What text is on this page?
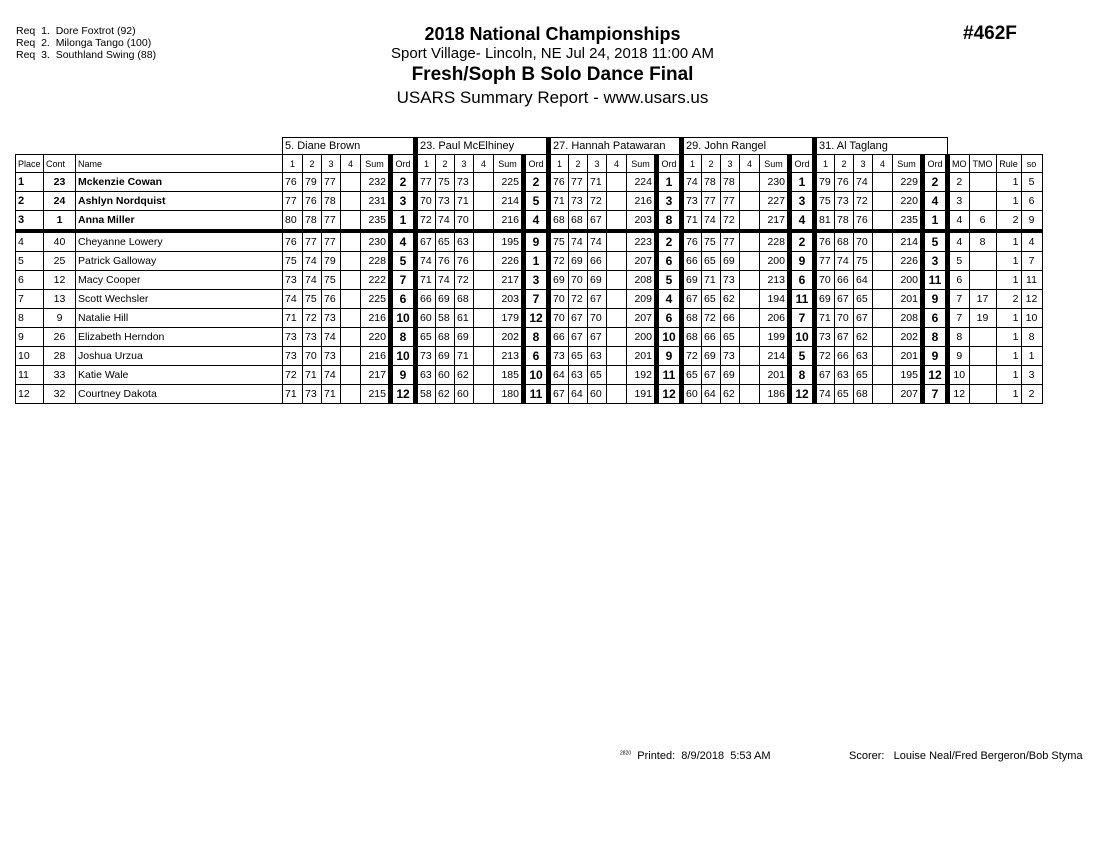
Req  1.  Dore Foxtrot (92)
Req  2.  Milonga Tango (100)
Req  3.  Southland Swing (88)
2018 National Championships
Sport Village- Lincoln, NE Jul 24, 2018 11:00 AM
Fresh/Soph B Solo Dance Final
USARS Summary Report - www.usars.us
#462F
			5. Diane Brown						23. Paul McElhiney						27. Hannah Patawaran						29. John Rangel						31. Al Taglang									
Place	Cont	Name	1	2	3	4	Sum	Ord	1	2	3	4	Sum	Ord	1	2	3	4	Sum	Ord	1	2	3	4	Sum	Ord	1	2	3	4	Sum	Ord	MO	TMO	Rule	so
1	23	Mckenzie Cowan	76	79	77		232	2	77	75	73		225	2	76	77	71		224	1	74	78	78		230	1	79	76	74		229	2	2		1	5
2	24	Ashlyn Nordquist	77	76	78		231	3	70	73	71		214	5	71	73	72		216	3	73	77	77		227	3	75	73	72		220	4	3		1	6
3	1	Anna Miller	80	78	77		235	1	72	74	70		216	4	68	68	67		203	8	71	74	72		217	4	81	78	76		235	1	4	6	2	9
4	40	Cheyanne Lowery	76	77	77		230	4	67	65	63		195	9	75	74	74		223	2	76	75	77		228	2	76	68	70		214	5	4	8	1	4
5	25	Patrick Galloway	75	74	79		228	5	74	76	76		226	1	72	69	66		207	6	66	65	69		200	9	77	74	75		226	3	5		1	7
6	12	Macy Cooper	73	74	75		222	7	71	74	72		217	3	69	70	69		208	5	69	71	73		213	6	70	66	64		200	11	6		1	11
7	13	Scott Wechsler	74	75	76		225	6	66	69	68		203	7	70	72	67		209	4	67	65	62		194	11	69	67	65		201	9	7	17	2	12
8	9	Natalie Hill	71	72	73		216	10	60	58	61		179	12	70	67	70		207	6	68	72	66		206	7	71	70	67		208	6	7	19	1	10
9	26	Elizabeth Herndon	73	73	74		220	8	65	68	69		202	8	66	67	67		200	10	68	66	65		199	10	73	67	62		202	8	8		1	8
10	28	Joshua Urzua	73	70	73		216	10	73	69	71		213	6	73	65	63		201	9	72	69	73		214	5	72	66	63		201	9	9		1	1
11	33	Katie Wale	72	71	74		217	9	63	60	62		185	10	64	63	65		192	11	65	67	69		201	8	67	63	65		195	12	10		1	3
12	32	Courtney Dakota	71	73	71		215	12	58	62	60		180	11	67	64	60		191	12	60	64	62		186	12	74	65	68		207	7	12		1	2
$^{2820}$ Printed:  8/9/2018  5:53 AM	Scorer:   Louise Neal/Fred Bergeron/Bob Styma
